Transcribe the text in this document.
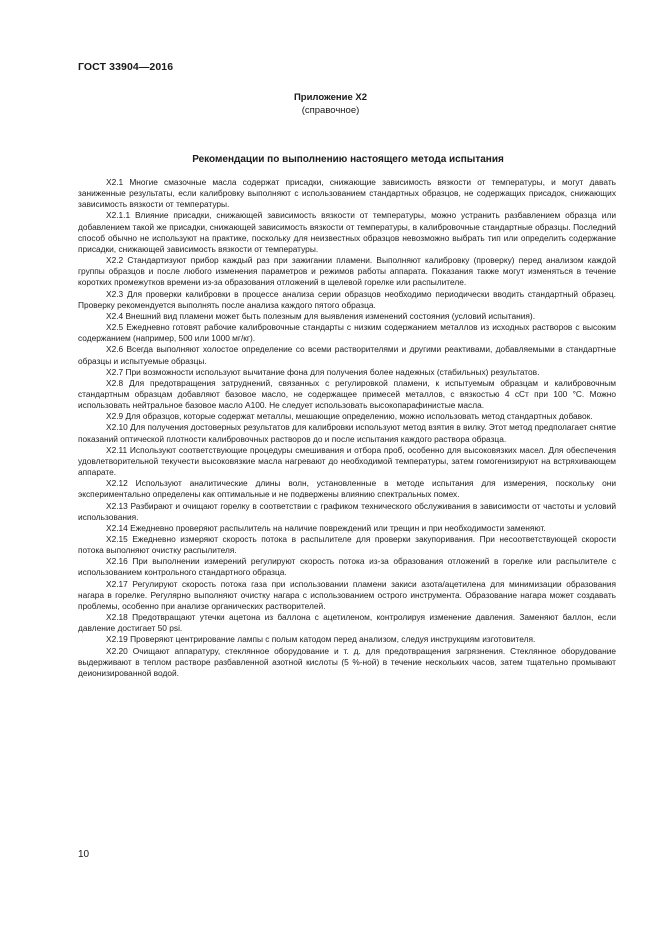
ГОСТ 33904—2016
Приложение Х2
(справочное)
Рекомендации по выполнению настоящего метода испытания

Х2.1 Многие смазочные масла содержат присадки, снижающие зависимость вязкости от температуры, и могут давать заниженные результаты, если калибровку выполняют с использованием стандартных образцов, не содержащих присадок, снижающих зависимость вязкости от температуры.

Х2.1.1 Влияние присадки, снижающей зависимость вязкости от температуры, можно устранить разбавлением образца или добавлением такой же присадки, снижающей зависимость вязкости от температуры, в калибровочные стандартные образцы. Последний способ обычно не используют на практике, поскольку для неизвестных образцов невозможно выбрать тип или определить содержание присадки, снижающей зависимость вязкости от температуры.

Х2.2 Стандартизуют прибор каждый раз при зажигании пламени. Выполняют калибровку (проверку) перед анализом каждой группы образцов и после любого изменения параметров и режимов работы аппарата. Показания также могут изменяться в течение коротких промежутков времени из-за образования отложений в щелевой горелке или распылителе.

Х2.3 Для проверки калибровки в процессе анализа серии образцов необходимо периодически вводить стандартный образец. Проверку рекомендуется выполнять после анализа каждого пятого образца.

Х2.4 Внешний вид пламени может быть полезным для выявления изменений состояния (условий испытания).

Х2.5 Ежедневно готовят рабочие калибровочные стандарты с низким содержанием металлов из исходных растворов с высоким содержанием (например, 500 или 1000 мг/кг).

Х2.6 Всегда выполняют холостое определение со всеми растворителями и другими реактивами, добавляемыми в стандартные образцы и испытуемые образцы.

Х2.7 При возможности используют вычитание фона для получения более надежных (стабильных) результатов.

Х2.8 Для предотвращения затруднений, связанных с регулировкой пламени, к испытуемым образцам и калибровочным стандартным образцам добавляют базовое масло, не содержащее примесей металлов, с вязкостью 4 сСт при 100 °С. Можно использовать нейтральное базовое масло А100. Не следует использовать высокопарафинистые масла.

Х2.9 Для образцов, которые содержат металлы, мешающие определению, можно использовать метод стандартных добавок.

Х2.10 Для получения достоверных результатов для калибровки используют метод взятия в вилку. Этот метод предполагает снятие показаний оптической плотности калибровочных растворов до и после испытания каждого раствора образца.

Х2.11 Используют соответствующие процедуры смешивания и отбора проб, особенно для высоковязких масел. Для обеспечения удовлетворительной текучести высоковязкие масла нагревают до необходимой температуры, затем гомогенизируют на встряхивающем аппарате.

Х2.12 Используют аналитические длины волн, установленные в методе испытания для измерения, поскольку они экспериментально определены как оптимальные и не подвержены влиянию спектральных помех.

Х2.13 Разбирают и очищают горелку в соответствии с графиком технического обслуживания в зависимости от частоты и условий использования.

Х2.14 Ежедневно проверяют распылитель на наличие повреждений или трещин и при необходимости заменяют.

Х2.15 Ежедневно измеряют скорость потока в распылителе для проверки закупоривания. При несоответствующей скорости потока выполняют очистку распылителя.

Х2.16 При выполнении измерений регулируют скорость потока из-за образования отложений в горелке или распылителе с использованием контрольного стандартного образца.

Х2.17 Регулируют скорость потока газа при использовании пламени закиси азота/ацетилена для минимизации образования нагара в горелке. Регулярно выполняют очистку нагара с использованием острого инструмента. Образование нагара может создавать проблемы, особенно при анализе органических растворителей.

Х2.18 Предотвращают утечки ацетона из баллона с ацетиленом, контролируя изменение давления. Заменяют баллон, если давление достигает 50 psi.

Х2.19 Проверяют центрирование лампы с полым катодом перед анализом, следуя инструкциям изготовителя.

Х2.20 Очищают аппаратуру, стеклянное оборудование и т. д. для предотвращения загрязнения. Стеклянное оборудование выдерживают в теплом растворе разбавленной азотной кислоты (5 %-ной) в течение нескольких часов, затем тщательно промывают деионизированной водой.

10
